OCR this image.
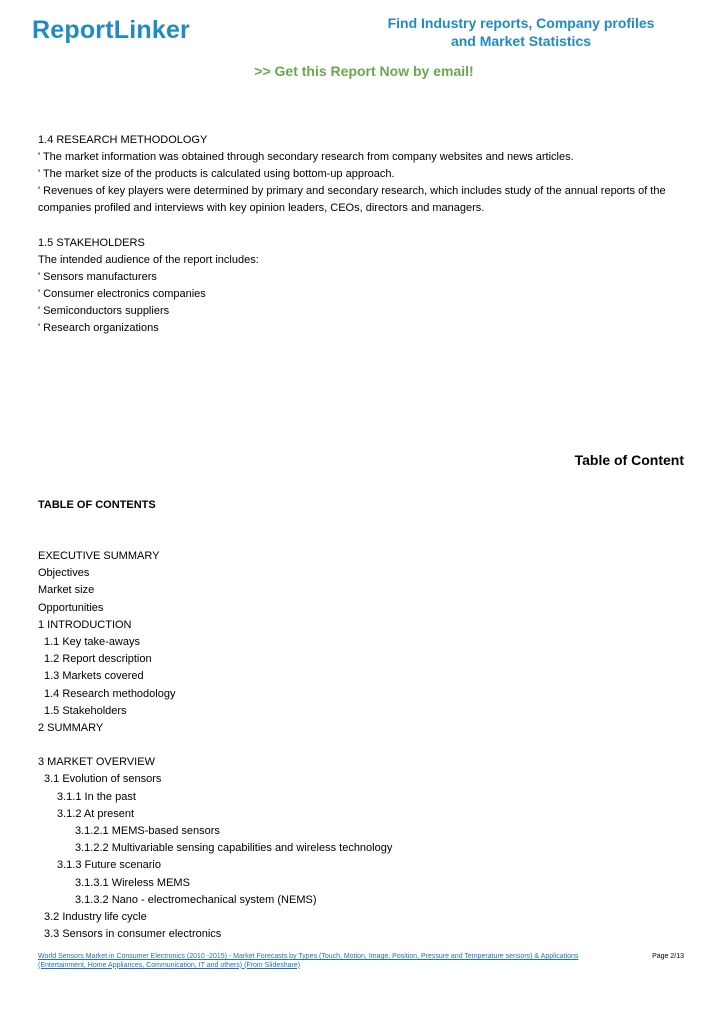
ReportLinker	Find Industry reports, Company profiles
and Market Statistics
>> Get this Report Now by email!
1.4 RESEARCH METHODOLOGY
' The market information was obtained through secondary research from company websites and news articles.
' The market size of the products is calculated using bottom-up approach.
' Revenues of key players were determined by primary and secondary research, which includes study of the annual reports of the companies profiled and interviews with key opinion leaders, CEOs, directors and managers.
1.5 STAKEHOLDERS
The intended audience of the report includes:
' Sensors manufacturers
' Consumer electronics companies
' Semiconductors suppliers
' Research organizations
Table of Content
TABLE OF CONTENTS
EXECUTIVE SUMMARY
Objectives
Market size
Opportunities
1 INTRODUCTION
1.1 Key take-aways
1.2 Report description
1.3 Markets covered
1.4 Research methodology
1.5 Stakeholders
2 SUMMARY
3 MARKET OVERVIEW
3.1 Evolution of sensors
3.1.1 In the past
3.1.2 At present
3.1.2.1 MEMS-based sensors
3.1.2.2 Multivariable sensing capabilities and wireless technology
3.1.3 Future scenario
3.1.3.1 Wireless MEMS
3.1.3.2 Nano - electromechanical system (NEMS)
3.2 Industry life cycle
3.3 Sensors in consumer electronics
World Sensors Market in Consumer Electronics (2010 -2015) - Market Forecasts by Types (Touch, Motion, Image, Position, Pressure and Temperature sensors) & Applications (Entertainment, Home Appliances, Communication, IT and others) (From Slideshare)
Page 2/13
